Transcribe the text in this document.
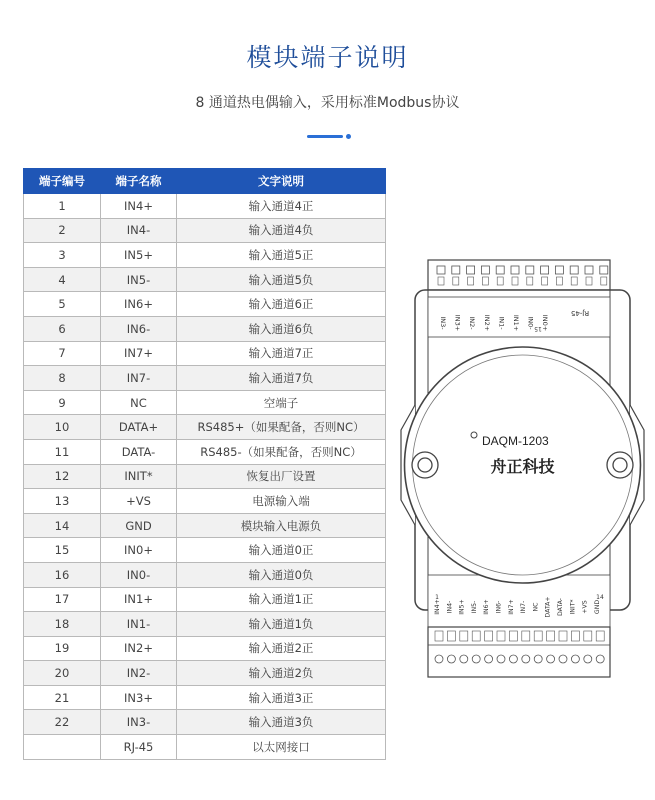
模块端子说明
8 通道热电偶输入，采用标准Modbus协议
端子编号	端子名称	文字说明
1	IN4+	输入通道4正
2	IN4-	输入通道4负
3	IN5+	输入通道5正
4	IN5-	输入通道5负
5	IN6+	输入通道6正
6	IN6-	输入通道6负
7	IN7+	输入通道7正
8	IN7-	输入通道7负
9	NC	空端子
10	DATA+	RS485+（如果配备，否则NC）
11	DATA-	RS485-（如果配备，否则NC）
12	INIT*	恢复出厂设置
13	+VS	电源输入端
14	GND	模块输入电源负
15	IN0+	输入通道0正
16	IN0-	输入通道0负
17	IN1+	输入通道1正
18	IN1-	输入通道1负
19	IN2+	输入通道2正
20	IN2-	输入通道2负
21	IN3+	输入通道3正
22	IN3-	输入通道3负
	RJ-45	以太网接口
IN3- IN3+ IN2- IN2+ IN1- IN1+ IN0- IN0+
15
RJ-45
IN4+ IN4- IN5+ IN5- IN6+ IN6- IN7+ IN7- NC DATA+ DATA- INIT* +VS GND
1	14
DAQM-1203
舟正科技
